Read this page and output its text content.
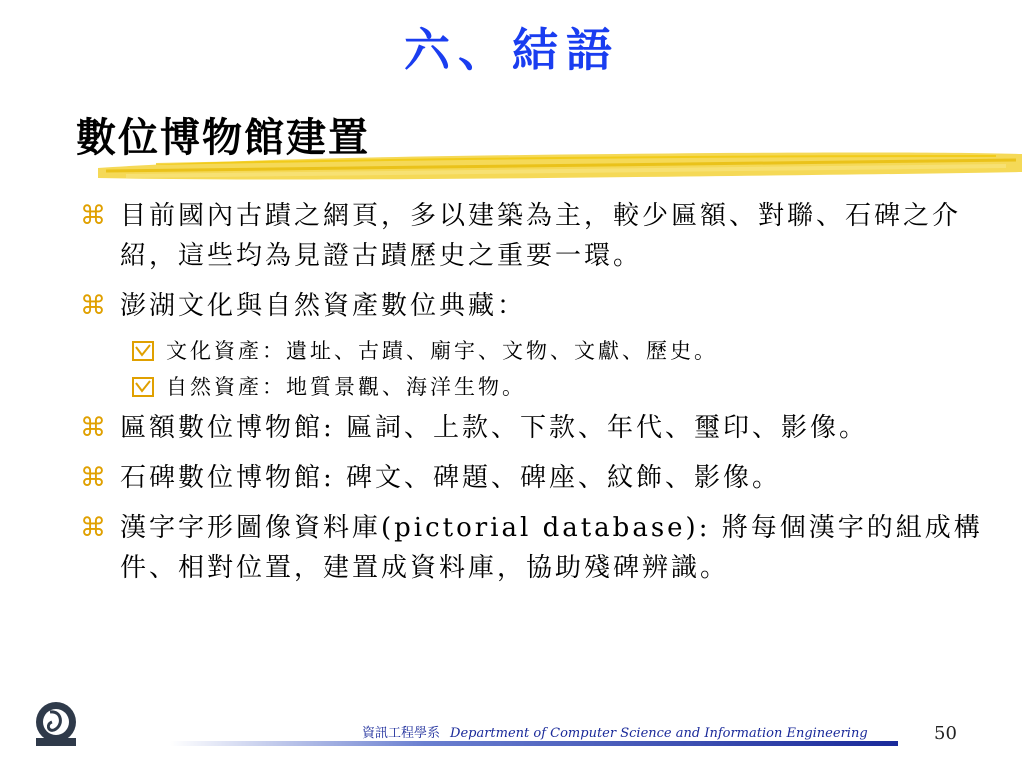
六、結語
數位博物館建置
⌘ 目前國內古蹟之網頁，多以建築為主，較少匾額、對聯、石碑之介紹，這些均為見證古蹟歷史之重要一環。
⌘ 澎湖文化與自然資產數位典藏：
文化資產：遺址、古蹟、廟宇、文物、文獻、歷史。
自然資產：地質景觀、海洋生物。
⌘ 匾額數位博物館: 匾詞、上款、下款、年代、璽印、影像。
⌘ 石碑數位博物館: 碑文、碑題、碑座、紋飾、影像。
⌘ 漢字字形圖像資料庫(pictorial database): 將每個漢字的組成構件、相對位置，建置成資料庫，協助殘碑辨識。
資訊工程學系 Department of Computer Science and Information Engineering	50
